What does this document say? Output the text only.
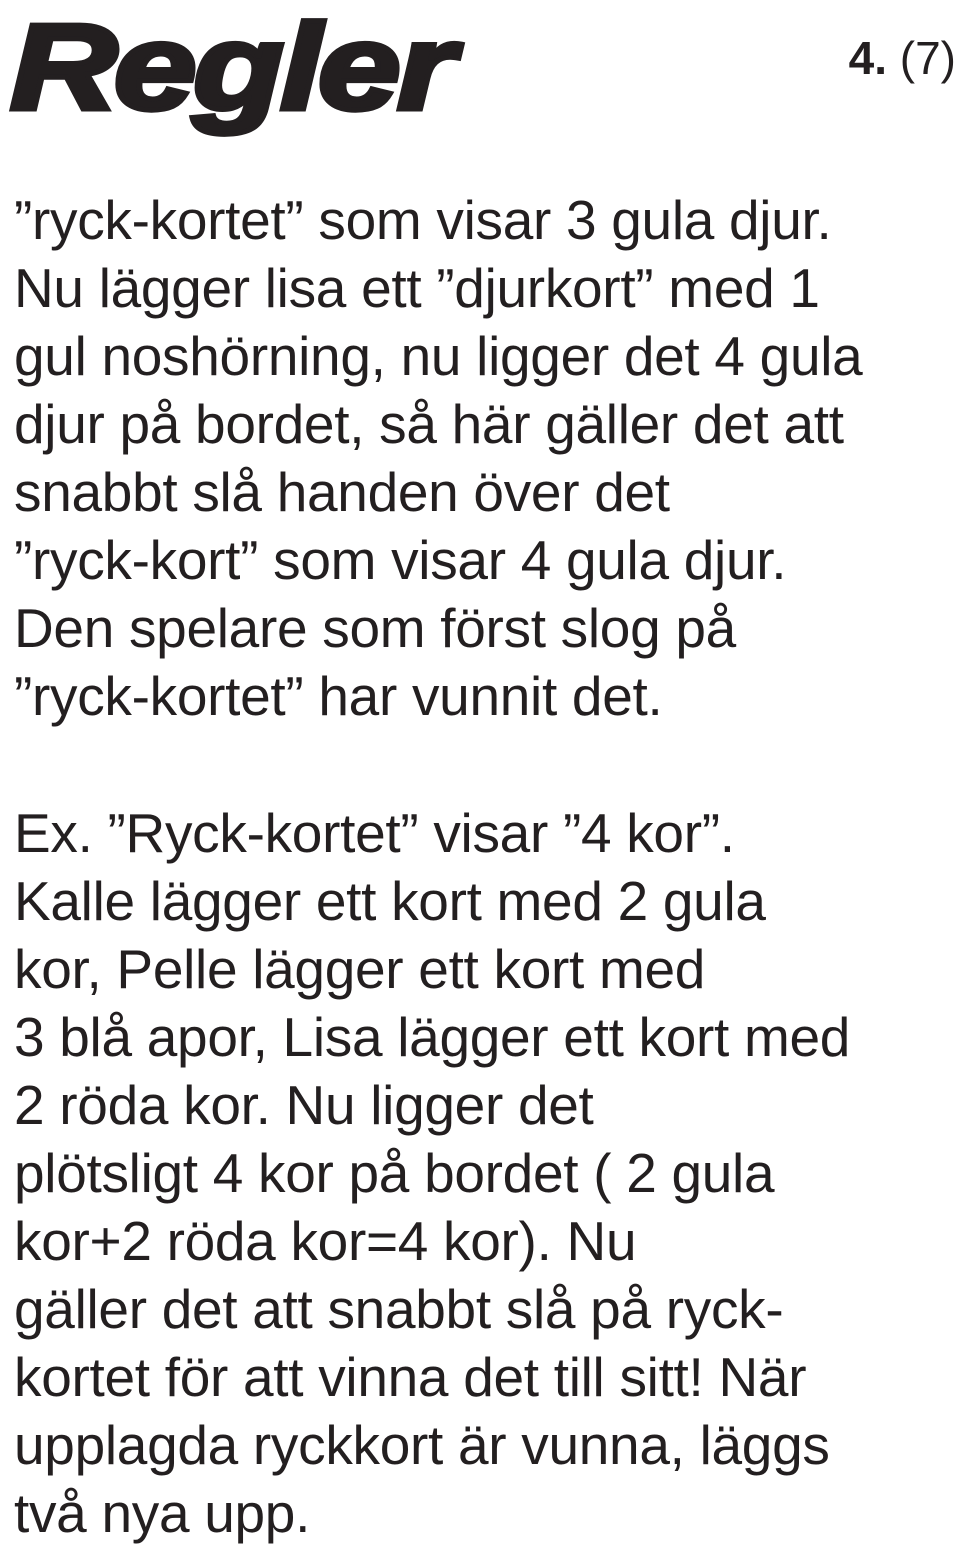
Regler	4. (7)
”ryck-kortet” som visar 3 gula djur.
Nu lägger lisa ett ”djurkort” med 1
gul noshörning, nu ligger det 4 gula
djur på bordet, så här gäller det att
snabbt slå handen över det
”ryck-kort” som visar 4 gula djur.
Den spelare som först slog på
”ryck-kortet” har vunnit det.
Ex. ”Ryck-kortet” visar ”4 kor”.
Kalle lägger ett kort med 2 gula
kor, Pelle lägger ett kort med
3 blå apor, Lisa lägger ett kort med
2 röda kor. Nu ligger det
plötsligt 4 kor på bordet ( 2 gula
kor+2 röda kor=4 kor). Nu
gäller det att snabbt slå på ryck-
kortet för att vinna det till sitt! När
upplagda ryckkort är vunna, läggs
två nya upp.
